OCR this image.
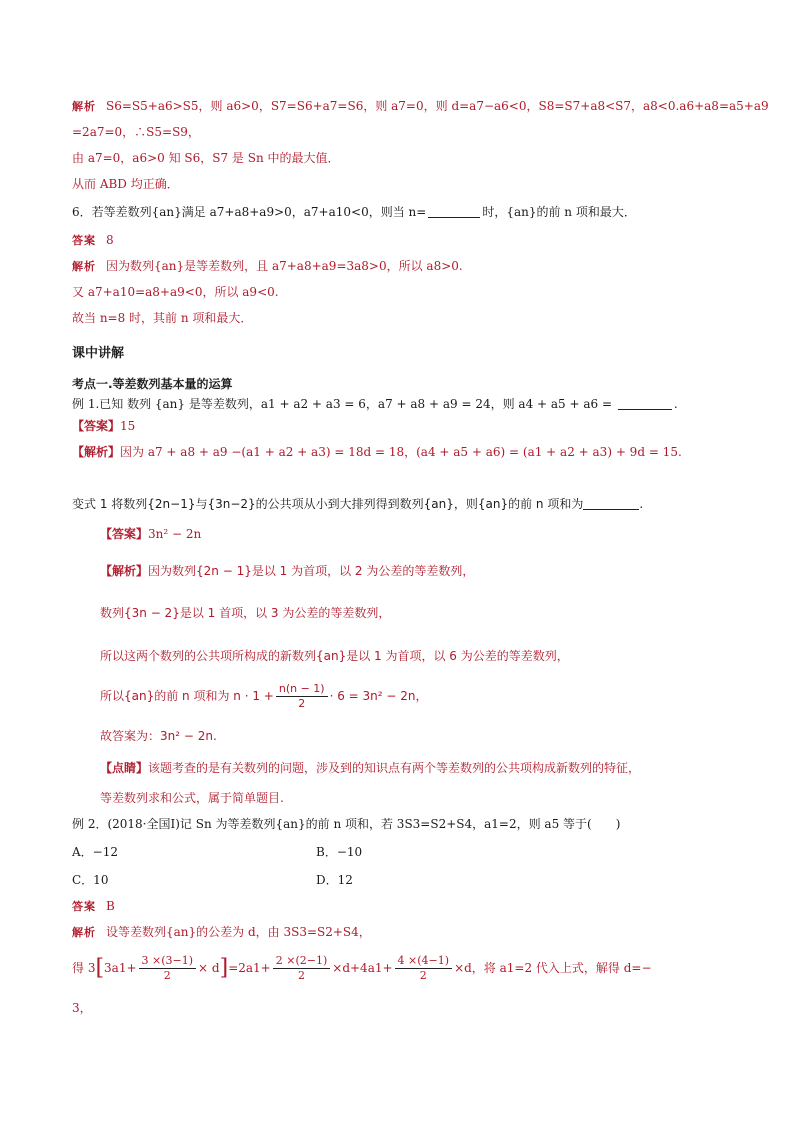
解析 S6=S5+a6>S5，则 a6>0，S7=S6+a7=S6，则 a7=0，则 d=a7−a6<0，S8=S7+a8<S7，a8<0.a6+a8=a5+a9
=2a7=0，∴S5=S9，
由 a7=0，a6>0 知 S6，S7 是 Sn 中的最大值．
从而 ABD 均正确．
6．若等差数列{an}满足 a7+a8+a9>0，a7+a10<0，则当 n=	时，{an}的前 n 项和最大．
答案 8
解析 因为数列{an}是等差数列，且 a7+a8+a9=3a8>0，所以 a8>0.
又 a7+a10=a8+a9<0，所以 a9<0.
故当 n=8 时，其前 n 项和最大．
课中讲解
考点一.等差数列基本量的运算
例 1.已知 数列 {an} 是等差数列，a1 + a2 + a3 = 6，a7 + a8 + a9 = 24，则 a4 + a5 + a6 =	.
【答案】15
【解析】因为 a7 + a8 + a9 −(a1 + a2 + a3) = 18d = 18，(a4 + a5 + a6) = (a1 + a2 + a3) + 9d = 15.
变式 1 将数列{2n−1}与{3n−2}的公共项从小到大排列得到数列{an}，则{an}的前 n 项和为	.
【答案】3n² − 2n
【解析】因为数列{2n − 1}是以 1 为首项，以 2 为公差的等差数列，
数列{3n − 2}是以 1 首项，以 3 为公差的等差数列，
所以这两个数列的公共项所构成的新数列{an}是以 1 为首项，以 6 为公差的等差数列，
所以{an}的前 n 项和为 $n \cdot 1 + \frac{n(n - 1)}{2} \cdot 6 = 3n^2 - 2n$，
故答案为：3n² − 2n.
【点睛】该题考查的是有关数列的问题，涉及到的知识点有两个等差数列的公共项构成新数列的特征，
等差数列求和公式，属于简单题目.
例 2．(2018·全国Ⅰ)记 Sn 为等差数列{an}的前 n 项和，若 3S3=S2+S4，a1=2，则 a5 等于(　　)
A．−12	B．−10
C．10	D．12
答案 B
解析 设等差数列{an}的公差为 d，由 3S3=S2+S4，
得 $3[3a1+ \frac{3 \times(3-1)}{2} \times d]=2a1+ \frac{2 \times(2-1)}{2} \times d+4a1+ \frac{4 \times(4-1)}{2} \times d$，将 a1=2 代入上式，解得 d=−
3，
